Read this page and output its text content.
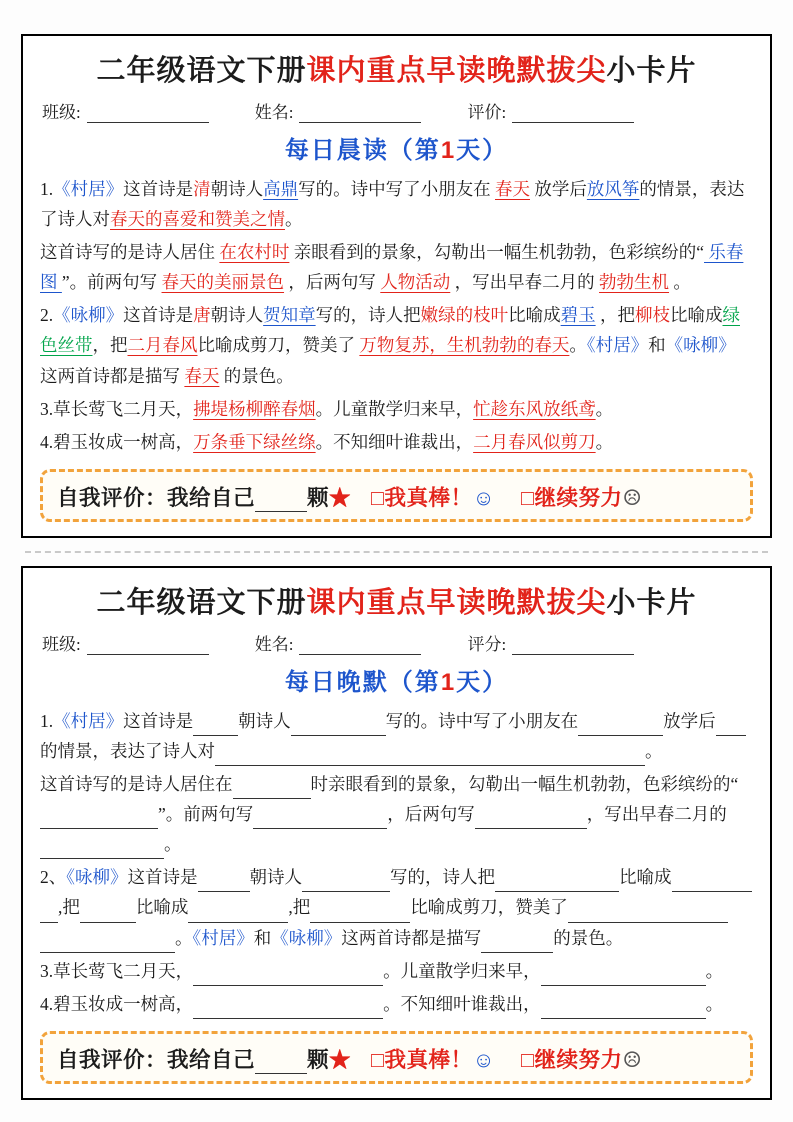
二年级语文下册课内重点早读晚默拔尖小卡片
班级:	姓名:	评价:
每日晨读（第1天）

1.《村居》这首诗是清朝诗人高鼎写的。诗中写了小朋友在 春天 放学后放风筝的情景，表达了诗人对春天的喜爱和赞美之情。

这首诗写的是诗人居住 在农村时 亲眼看到的景象，勾勒出一幅生机勃勃，色彩缤纷的“ 乐春图 ”。前两句写 春天的美丽景色 ，后两句写 人物活动 ，写出早春二月的 勃勃生机 。

2.《咏柳》这首诗是唐朝诗人贺知章写的，诗人把嫩绿的枝叶比喻成碧玉 ，把柳枝比喻成绿色丝带，把二月春风比喻成剪刀，赞美了 万物复苏，生机勃勃的春天。《村居》和《咏柳》这两首诗都是描写 春天 的景色。

3.草长莺飞二月天，拂堤杨柳醉春烟。儿童散学归来早，忙趁东风放纸鸢。

4.碧玉妆成一树高，万条垂下绿丝绦。不知细叶谁裁出，二月春风似剪刀。

自我评价：我给自己 颗★ □我真棒！☺ □继续努力☹
二年级语文下册课内重点早读晚默拔尖小卡片
班级:	姓名:	评分:
每日晚默（第1天）

1.《村居》这首诗是	朝诗人	写的。诗中写了小朋友在	放学后的情景，表达了诗人对	。

这首诗写的是诗人居住在	时亲眼看到的景象，勾勒出一幅生机勃勃，色彩缤纷的“”。前两句写	，后两句写	，写出早春二月的。

2、《咏柳》这首诗是	朝诗人	写的，诗人把	比喻成,把	比喻成	,把	比喻成剪刀，赞美了。《村居》和《咏柳》这两首诗都是描写	的景色。

3.草长莺飞二月天，	。儿童散学归来早，	。

4.碧玉妆成一树高，	。不知细叶谁裁出，	。

自我评价：我给自己 颗★ □我真棒！☺ □继续努力☹
